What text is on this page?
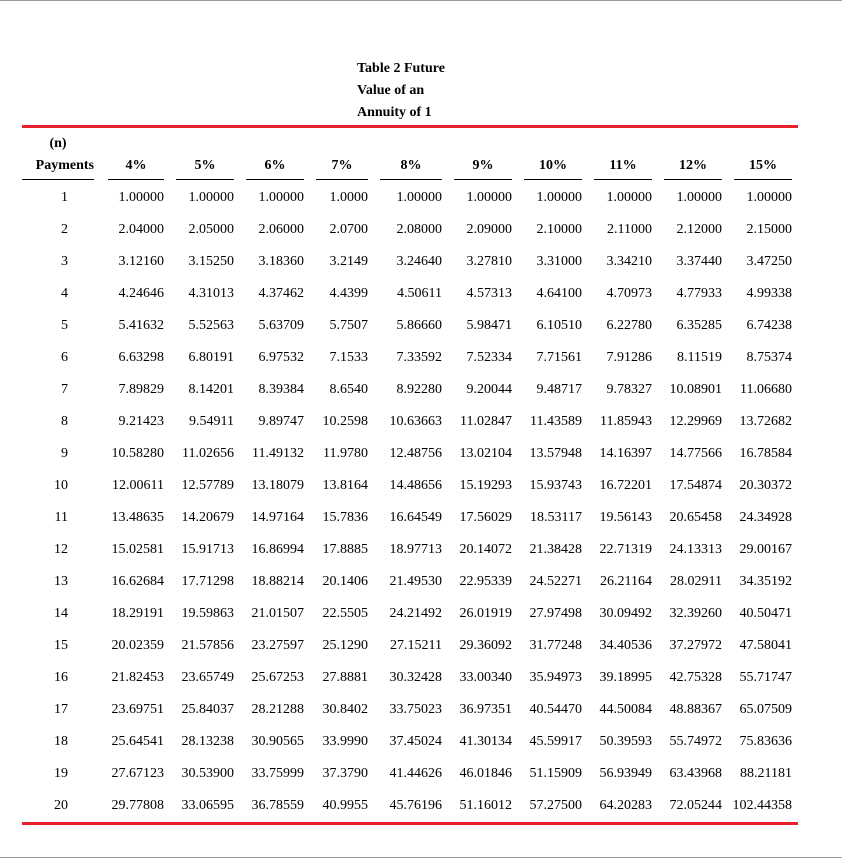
Table 2 Future
Value of an
Annuity of 1
(n)
Payments	4%	5%	6%	7%	8%	9%	10%	11%	12%	15%

1	1.00000	1.00000	1.00000	1.0000	1.00000	1.00000	1.00000	1.00000	1.00000	1.00000
2	2.04000	2.05000	2.06000	2.0700	2.08000	2.09000	2.10000	2.11000	2.12000	2.15000
3	3.12160	3.15250	3.18360	3.2149	3.24640	3.27810	3.31000	3.34210	3.37440	3.47250
4	4.24646	4.31013	4.37462	4.4399	4.50611	4.57313	4.64100	4.70973	4.77933	4.99338
5	5.41632	5.52563	5.63709	5.7507	5.86660	5.98471	6.10510	6.22780	6.35285	6.74238
6	6.63298	6.80191	6.97532	7.1533	7.33592	7.52334	7.71561	7.91286	8.11519	8.75374
7	7.89829	8.14201	8.39384	8.6540	8.92280	9.20044	9.48717	9.78327	10.08901	11.06680
8	9.21423	9.54911	9.89747	10.2598	10.63663	11.02847	11.43589	11.85943	12.29969	13.72682
9	10.58280	11.02656	11.49132	11.9780	12.48756	13.02104	13.57948	14.16397	14.77566	16.78584
10	12.00611	12.57789	13.18079	13.8164	14.48656	15.19293	15.93743	16.72201	17.54874	20.30372
11	13.48635	14.20679	14.97164	15.7836	16.64549	17.56029	18.53117	19.56143	20.65458	24.34928
12	15.02581	15.91713	16.86994	17.8885	18.97713	20.14072	21.38428	22.71319	24.13313	29.00167
13	16.62684	17.71298	18.88214	20.1406	21.49530	22.95339	24.52271	26.21164	28.02911	34.35192
14	18.29191	19.59863	21.01507	22.5505	24.21492	26.01919	27.97498	30.09492	32.39260	40.50471
15	20.02359	21.57856	23.27597	25.1290	27.15211	29.36092	31.77248	34.40536	37.27972	47.58041
16	21.82453	23.65749	25.67253	27.8881	30.32428	33.00340	35.94973	39.18995	42.75328	55.71747
17	23.69751	25.84037	28.21288	30.8402	33.75023	36.97351	40.54470	44.50084	48.88367	65.07509
18	25.64541	28.13238	30.90565	33.9990	37.45024	41.30134	45.59917	50.39593	55.74972	75.83636
19	27.67123	30.53900	33.75999	37.3790	41.44626	46.01846	51.15909	56.93949	63.43968	88.21181
20	29.77808	33.06595	36.78559	40.9955	45.76196	51.16012	57.27500	64.20283	72.05244	102.44358
